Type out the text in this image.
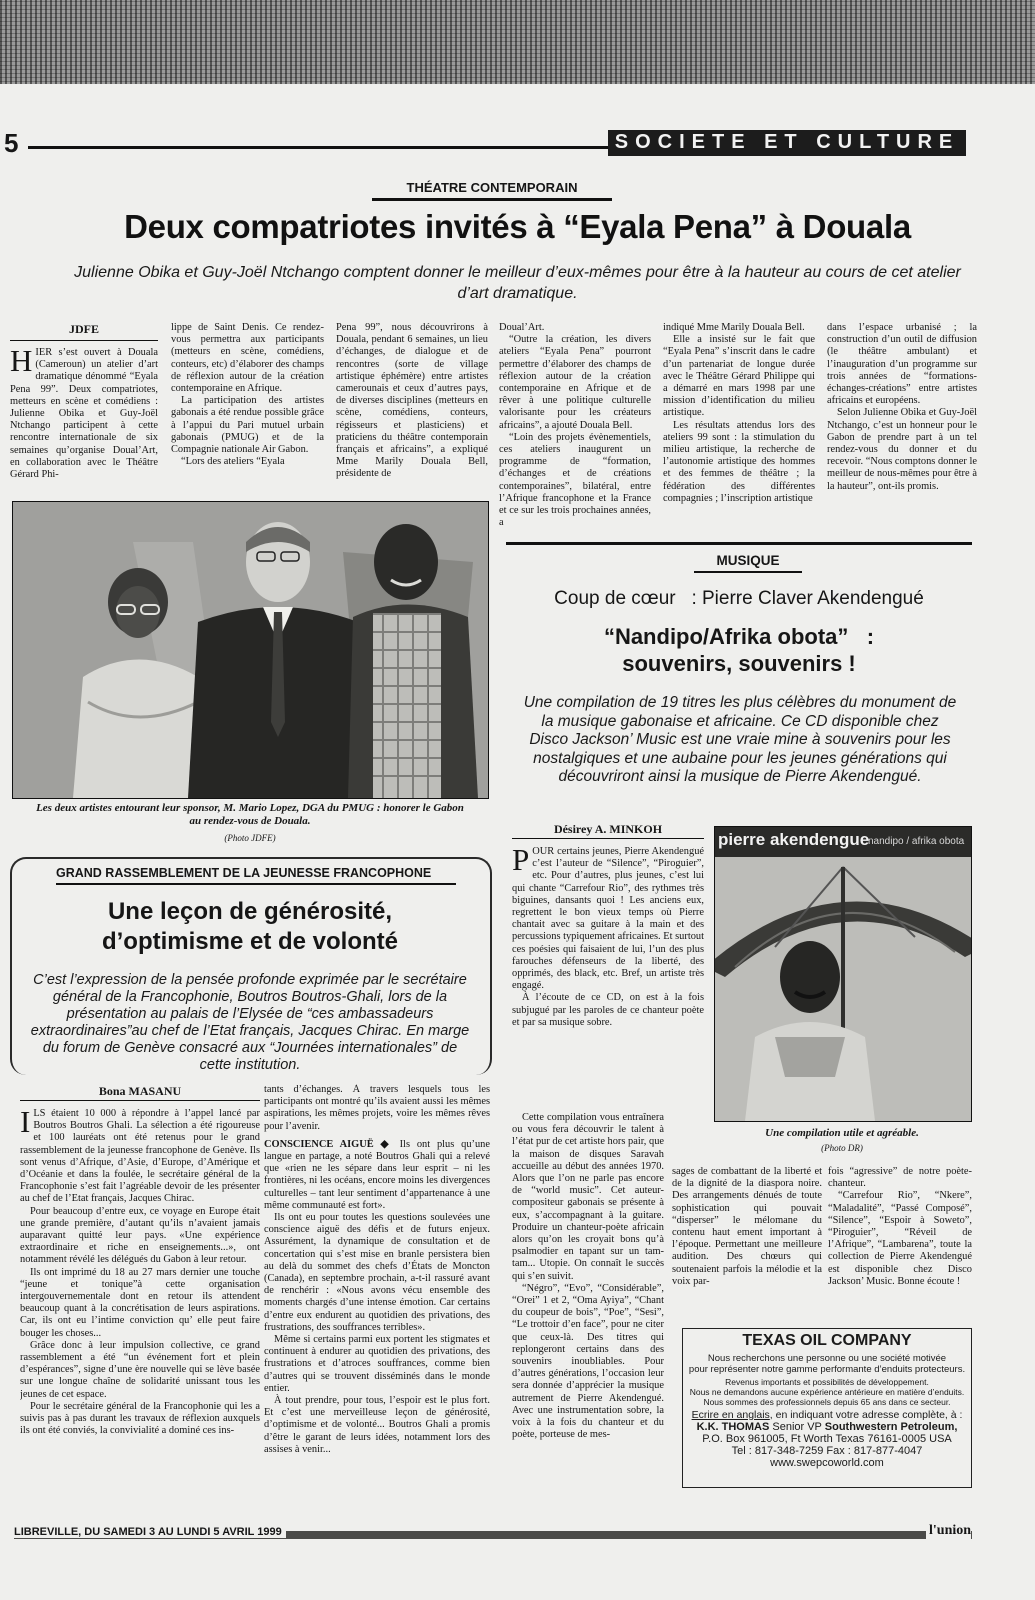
5	SOCIETE ET CULTURE
THÉATRE CONTEMPORAIN
Deux compatriotes invités à “Eyala Pena” à Douala
Julienne Obika et Guy-Joël Ntchango comptent donner le meilleur d’eux-mêmes pour être à la hauteur au cours de cet atelier d’art dramatique.
JDFE

HIER s’est ouvert à Douala (Cameroun) un atelier d’art dramatique dénommé “Eyala Pena 99”. Deux compatriotes, metteurs en scène et comédiens : Julienne Obika et Guy-Joël Ntchango participent à cette rencontre internationale de six semaines qu’organise Doual’Art, en collaboration avec le Théâtre Gérard Phi-

lippe de Saint Denis. Ce rendez-vous permettra aux participants (metteurs en scène, comédiens, conteurs, etc) d’élaborer des champs de réflexion autour de la création contemporaine en Afrique.

La participation des artistes gabonais a été rendue possible grâce à l’appui du Pari mutuel urbain gabonais (PMUG) et de la Compagnie nationale Air Gabon.

“Lors des ateliers “Eyala

Pena 99”, nous découvrirons à Douala, pendant 6 semaines, un lieu d’échanges, de dialogue et de rencontres (sorte de village artistique éphémère) entre artistes camerounais et ceux d’autres pays, de diverses disciplines (metteurs en scène, comédiens, conteurs, régisseurs et plasticiens) et praticiens du théâtre contemporain français et africains”, a expliqué Mme Marily Douala Bell, présidente de

Doual’Art.

“Outre la création, les divers ateliers “Eyala Pena” pourront permettre d’élaborer des champs de réflexion autour de la création contemporaine en Afrique et de rêver à une politique culturelle valorisante pour les créateurs africains”, a ajouté Douala Bell.

“Loin des projets évènementiels, ces ateliers inaugurent un programme de “formation, d’échanges et de créations contemporaines”, bilatéral, entre l’Afrique francophone et la France et ce sur les trois prochaines années, a

indiqué Mme Marily Douala Bell.

Elle a insisté sur le fait que “Eyala Pena” s’inscrit dans le cadre d’un partenariat de longue durée avec le Théâtre Gérard Philippe qui a démarré en mars 1998 par une mission d’identification du milieu artistique.

Les résultats attendus lors des ateliers 99 sont : la stimulation du milieu artistique, la recherche de l’autonomie artistique des hommes et des femmes de théâtre ; la fédération des différentes compagnies ; l’inscription artistique

dans l’espace urbanisé ; la construction d’un outil de diffusion (le théâtre ambulant) et l’inauguration d’un programme sur trois années de “formations-échanges-créations” entre artistes africains et européens.

Selon Julienne Obika et Guy-Joël Ntchango, c’est un honneur pour le Gabon de prendre part à un tel rendez-vous du donner et du recevoir. “Nous comptons donner le meilleur de nous-mêmes pour être à la hauteur”, ont-ils promis.

Les deux artistes entourant leur sponsor, M. Mario Lopez, DGA du PMUG : honorer le Gabon au rendez-vous de Douala.
(Photo JDFE)
GRAND RASSEMBLEMENT DE LA JEUNESSE FRANCOPHONE
Une leçon de générosité,
d’optimisme et de volonté
C’est l’expression de la pensée profonde exprimée par le secrétaire général de la Francophonie, Boutros Boutros-Ghali, lors de la présentation au palais de l’Elysée de “ces ambassadeurs extraordinaires”au chef de l’Etat français, Jacques Chirac. En marge du forum de Genève consacré aux “Journées internationales” de cette institution.
Bona MASANU

ILS étaient 10 000 à répondre à l’appel lancé par Boutros Boutros Ghali. La sélection a été rigoureuse et 100 lauréats ont été retenus pour le grand rassemblement de la jeunesse francophone de Genève. Ils sont venus d’Afrique, d’Asie, d’Europe, d’Amérique et d’Océanie et dans la foulée, le secrétaire général de la Francophonie s’est fait l’agréable devoir de les présenter au chef de l’Etat français, Jacques Chirac.

Pour beaucoup d’entre eux, ce voyage en Europe était une grande première, d’autant qu’ils n’avaient jamais auparavant quitté leur pays. «Une expérience extraordinaire et riche en enseignements...», ont notamment révélé les délégués du Gabon à leur retour.

Ils ont imprimé du 18 au 27 mars dernier une touche “jeune et tonique”à cette organisation intergouvernementale dont en retour ils attendent beaucoup quant à la concrétisation de leurs aspirations. Car, ils ont eu l’intime conviction qu’ elle peut faire bouger les choses...

Grâce donc à leur impulsion collective, ce grand rassemblement a été “un événement fort et plein d’espérances”, signe d’une ère nouvelle qui se lève basée sur une longue chaîne de solidarité unissant tous les jeunes de cet espace.

Pour le secrétaire général de la Francophonie qui les a suivis pas à pas durant les travaux de réflexion auxquels ils ont été conviés, la convivialité a dominé ces ins-

tants d’échanges. À travers lesquels tous les participants ont montré qu’ils avaient aussi les mêmes aspirations, les mêmes projets, voire les mêmes rêves pour l’avenir.

CONSCIENCE AIGUË ◆ Ils ont plus qu’une langue en partage, a noté Boutros Ghali qui a relevé que «rien ne les sépare dans leur esprit – ni les frontières, ni les océans, encore moins les divergences culturelles – tant leur sentiment d’appartenance à une même communauté est fort».

Ils ont eu pour toutes les questions soulevées une conscience aiguë des défis et de futurs enjeux. Assurément, la dynamique de consultation et de concertation qui s’est mise en branle persistera bien au delà du sommet des chefs d’États de Moncton (Canada), en septembre prochain, a-t-il rassuré avant de renchérir : «Nous avons vécu ensemble des moments chargés d’une intense émotion. Car certains d’entre eux endurent au quotidien des privations, des frustrations, des souffrances terribles».

Même si certains parmi eux portent les stigmates et continuent à endurer au quotidien des privations, des frustrations et d’atroces souffrances, comme bien d’autres qui se trouvent disséminés dans le monde entier.

À tout prendre, pour tous, l’espoir est le plus fort. Et c’est une merveilleuse leçon de générosité, d’optimisme et de volonté... Boutros Ghali a promis d’être le garant de leurs idées, notamment lors des assises à venir...

MUSIQUE
Coup de cœur   : Pierre Claver Akendengué
“Nandipo/Afrika obota”   :
souvenirs, souvenirs !
Une compilation de 19 titres les plus célèbres du monument de la musique gabonaise et africaine. Ce CD disponible chez Disco Jackson’ Music est une vraie mine à souvenirs pour les nostalgiques et une aubaine pour les jeunes générations qui découvriront ainsi la musique de Pierre Akendengué.
Désirey A. MINKOH

POUR certains jeunes, Pierre Akendengué c’est l’auteur de “Silence”, “Piroguier”, etc. Pour d’autres, plus jeunes, c’est lui qui chante “Carrefour Rio”, des rythmes très biguines, dansants quoi ! Les anciens eux, regrettent le bon vieux temps où Pierre chantait avec sa guitare à la main et des percussions typiquement africaines. Et surtout ces poésies qui faisaient de lui, l’un des plus farouches défenseurs de la liberté, des opprimés, des black, etc. Bref, un artiste très engagé.

À l’écoute de ce CD, on est à la fois subjugué par les paroles de ce chanteur poète et par sa musique sobre.

Cette compilation vous entraînera ou vous fera découvrir le talent à l’état pur de cet artiste hors pair, que la maison de disques Saravah accueille au début des années 1970. Alors que l’on ne parle pas encore de “world music”. Cet auteur-compositeur gabonais se présente à eux, s’accompagnant à la guitare. Produire un chanteur-poète africain alors qu’on les croyait bons qu’à psalmodier en tapant sur un tam-tam... Utopie. On connaît le succès qui s’en suivit.

“Négro”, “Evo”, “Considérable”, “Orei” 1 et 2, “Oma Ayiya”, “Chant du coupeur de bois”, “Poe”, “Sesi”, “Le trottoir d’en face”, pour ne citer que ceux-là. Des titres qui replongeront certains dans des souvenirs inoubliables. Pour d’autres générations, l’occasion leur sera donnée d’apprécier la musique autrement de Pierre Akendengué. Avec une instrumentation sobre, la voix à la fois du chanteur et du poète, porteuse de mes-

sages de combattant de la liberté et de la dignité de la diaspora noire. Des arrangements dénués de toute sophistication qui pouvait “disperser” le mélomane du contenu haut ement important à l’époque. Permettant une meilleure audition. Des chœurs qui soutenaient parfois la mélodie et la voix par-

fois “agressive” de notre poète-chanteur.

“Carrefour Rio”, “Nkere”, “Maladalité”, “Passé Composé”, “Silence”, “Espoir à Soweto”, “Piroguier”, “Réveil de l’Afrique”, “Lambarena”, toute la collection de Pierre Akendengué est disponible chez Disco Jackson’ Music. Bonne écoute !

pierre akendengue
nandipo / afrika obota
Une compilation utile et agréable.
(Photo DR)
TEXAS OIL COMPANY
Nous recherchons une personne ou une société motivée
pour représenter notre gamme performante d’enduits protecteurs.
Revenus importants et possibilités de développement.
Nous ne demandons aucune expérience antérieure en matière d’enduits.
Nous sommes des professionnels depuis 65 ans dans ce secteur.
Ecrire en anglais, en indiquant votre adresse complète, à :
K.K. THOMAS Senior VP Southwestern Petroleum,
P.O. Box 961005, Ft Worth Texas 76161-0005 USA
Tel : 817-348-7259 Fax : 817-877-4047
www.swepcoworld.com
LIBREVILLE, DU SAMEDI 3 AU LUNDI 5 AVRIL 1999	l'union
